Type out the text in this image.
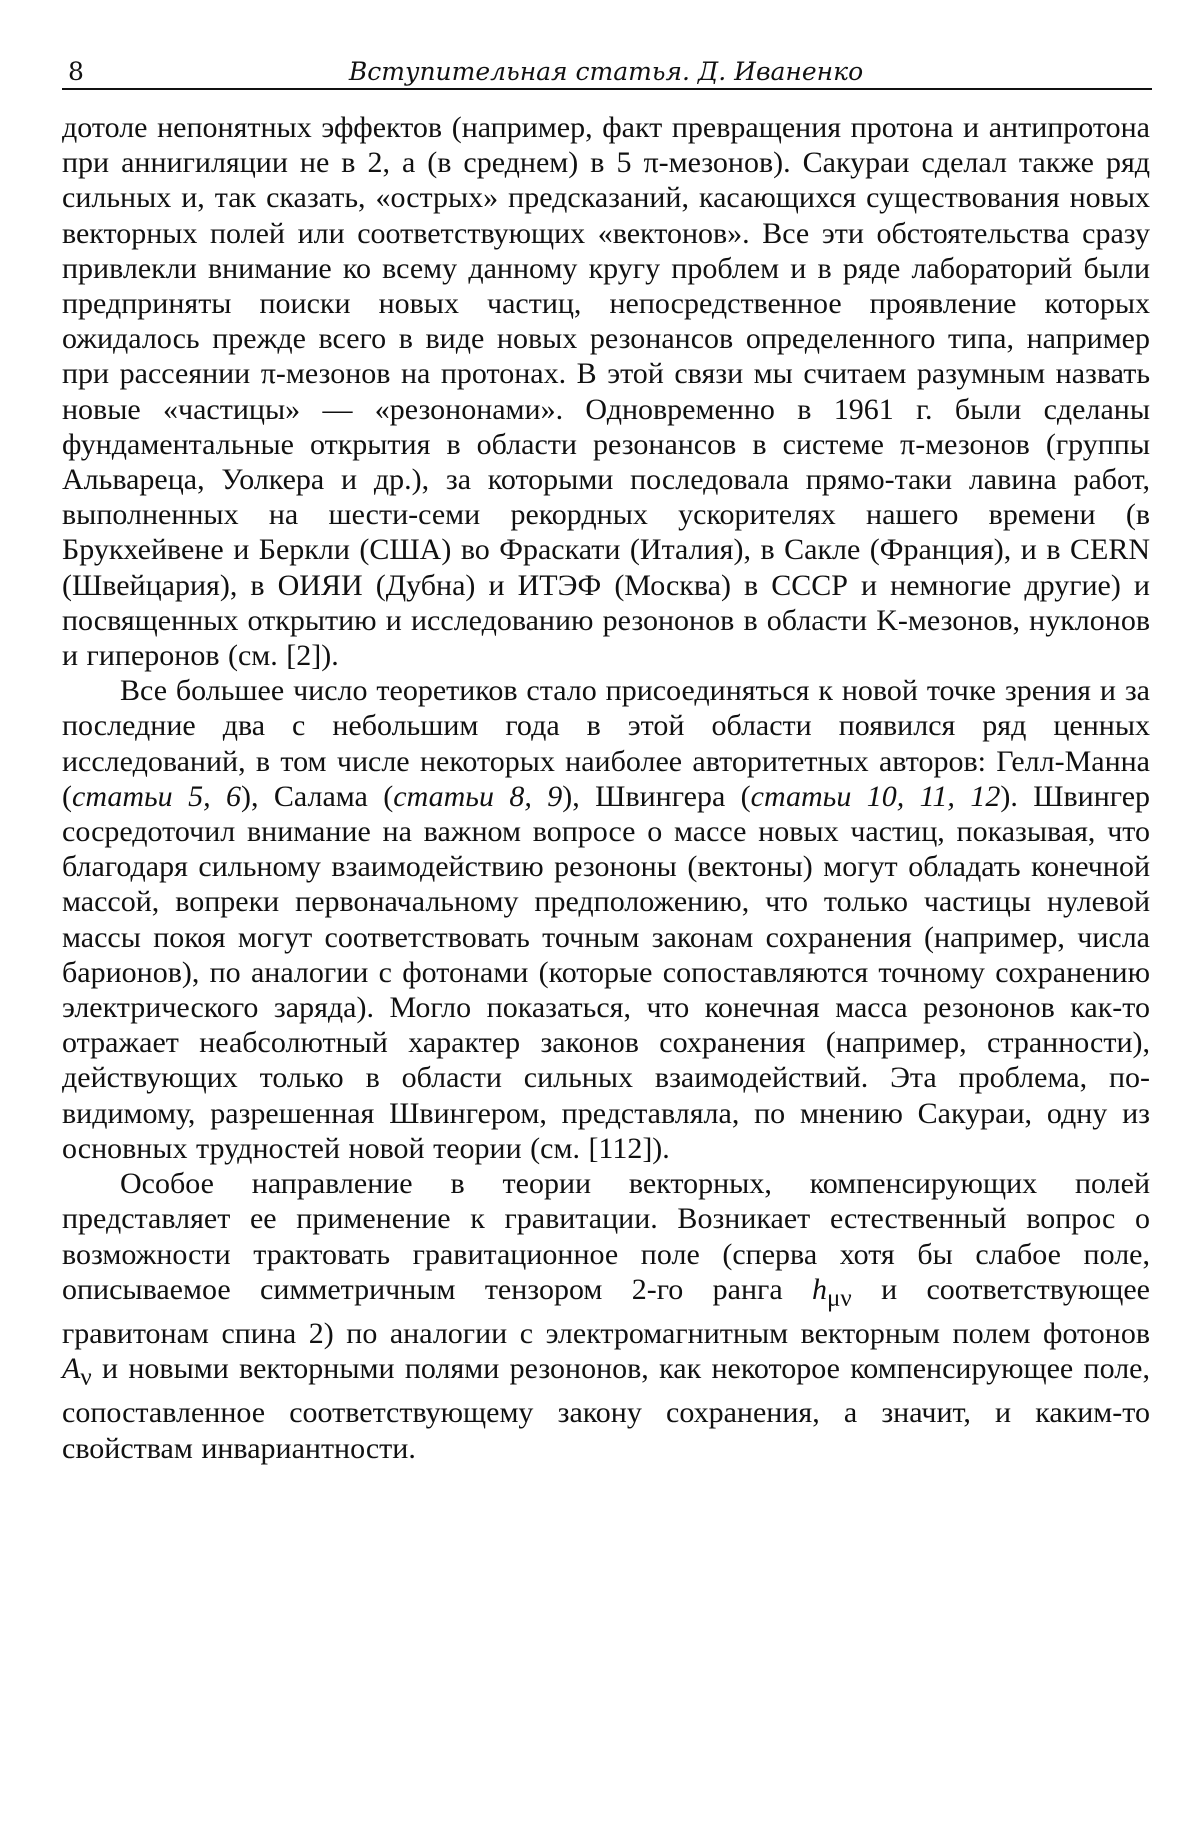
8	Вступительная статья. Д. Иваненко

дотоле непонятных эффектов (например, факт превращения протона и антипротона при аннигиляции не в 2, а (в среднем) в 5 π-мезонов). Сакураи сделал также ряд сильных и, так сказать, «острых» предсказаний, касающихся существования новых векторных полей или соответствующих «вектонов». Все эти обстоятельства сразу привлекли внимание ко всему данному кругу проблем и в ряде лабораторий были предприняты поиски новых частиц, непосредственное проявление которых ожидалось прежде всего в виде новых резонансов определенного типа, например при рассеянии π-мезонов на протонах. В этой связи мы считаем разумным назвать новые «частицы» — «резононами». Одновременно в 1961 г. были сделаны фундаментальные открытия в области резонансов в системе π-мезонов (группы Альвареца, Уолкера и др.), за которыми последовала прямо-таки лавина работ, выполненных на шести-семи рекордных ускорителях нашего времени (в Брукхейвене и Беркли (США) во Фраскати (Италия), в Сакле (Франция), и в CERN (Швейцария), в ОИЯИ (Дубна) и ИТЭФ (Москва) в СССР и немногие другие) и посвященных открытию и исследованию резононов в области K-мезонов, нуклонов и гиперонов (см. [2]).

Все большее число теоретиков стало присоединяться к новой точке зрения и за последние два с небольшим года в этой области появился ряд ценных исследований, в том числе некоторых наиболее авторитетных авторов: Гелл-Манна (статьи 5, 6), Салама (статьи 8, 9), Швингера (статьи 10, 11, 12). Швингер сосредоточил внимание на важном вопросе о массе новых частиц, показывая, что благодаря сильному взаимодействию резононы (вектоны) могут обладать конечной массой, вопреки первоначальному предположению, что только частицы нулевой массы покоя могут соответствовать точным законам сохранения (например, числа барионов), по аналогии с фотонами (которые сопоставляются точному сохранению электрического заряда). Могло показаться, что конечная масса резононов как-то отражает неабсолютный характер законов сохранения (например, странности), действующих только в области сильных взаимодействий. Эта проблема, по-видимому, разрешенная Швингером, представляла, по мнению Сакураи, одну из основных трудностей новой теории (см. [112]).

Особое направление в теории векторных, компенсирующих полей представляет ее применение к гравитации. Возникает естественный вопрос о возможности трактовать гравитационное поле (сперва хотя бы слабое поле, описываемое симметричным тензором 2-го ранга $h_{\mu\nu}$ и соответствующее гравитонам спина 2) по аналогии с электромагнитным векторным полем фотонов $A_\nu$ и новыми векторными полями резононов, как некоторое компенсирующее поле, сопоставленное соответствующему закону сохранения, а значит, и каким-то свойствам инвариантности.
